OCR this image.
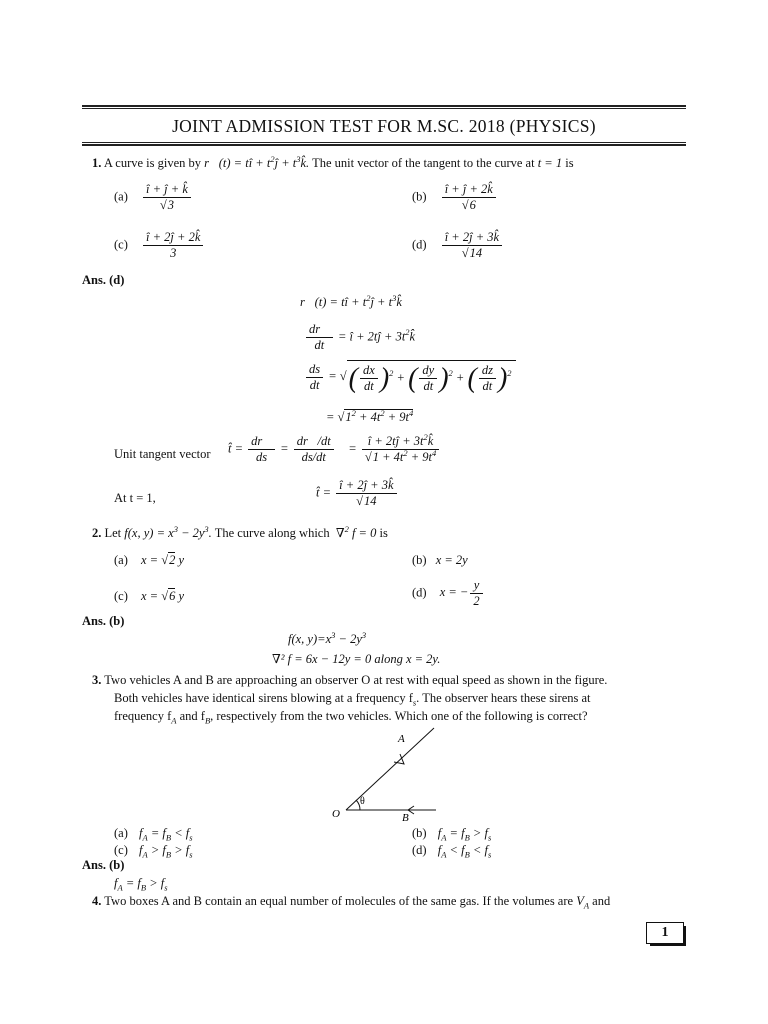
JOINT ADMISSION TEST FOR M.SC. 2018 (PHYSICS)
1. A curve is given by r⃗(t) = tî + $t^2ĵ$ + $t^3k̂$. The unit vector of the tangent to the curve at t = 1 is
$(a) \frac{î + ĵ + k̂}{√3}$	$(b) \frac{î + ĵ + 2k̂}{√6}$
$(c) \frac{î + 2ĵ + 2k̂}{3}$	$(d) \frac{î + 2ĵ + 3k̂}{√14}$
Ans. (d)
r⃗(t) = tî + $t^2ĵ$ + $t^3k̂$
$\frac{dr⃗}{dt}$ = î + 2tĵ + $3t^2k̂$
$\frac{ds}{dt}$ = √( $\frac{dx}{dt} )^2$ + ( $\frac{dy}{dt} )^2$ + ( $\frac{dz}{dt} )^2$
= $√1^2 + 4t^2 + 9t^4$
Unit tangent vector t̂ = $\frac{dr⃗}{ds} = \frac{dr⃗/dt}{ds/dt} = \frac{î + 2tĵ + 3t^2k̂}{√1 + 4t^2 + 9t^4}$
At t = 1,	t̂ = $\frac{î + 2ĵ + 3k̂}{√14}$
2. Let f(x, $y) = x^3 - 2y^3$. The curve along which  ∇$^2$ f = 0 is
(a) x = √2 y	(b) x = 2y
(c) x = √6 y	(d) x = − $\frac{y}{2}$
Ans. (b)
f(x, $y)=x^3 - 2y^3$
∇² f = 6x − 12y = 0 along x = 2y.
3. Two vehicles A and B are approaching an observer O at rest with equal speed as shown in the figure.
Both vehicles have identical sirens blowing at a frequency $f_s$. The observer hears these sirens at
frequency $f_A$ and $f_B$, respectively from the two vehicles. Which one of the following is correct?
A
B
O
θ
(a) $f_A = f_B < f_s$	(b) $f_A = f_B > f_s$
(c) $f_A > f_B > f_s$	(d) $f_A < f_B < f_s$
Ans. (b)
$f_A = f_B > f_s$
4. Two boxes A and B contain an equal number of molecules of the same gas. If the volumes are $V_A$ and
1
